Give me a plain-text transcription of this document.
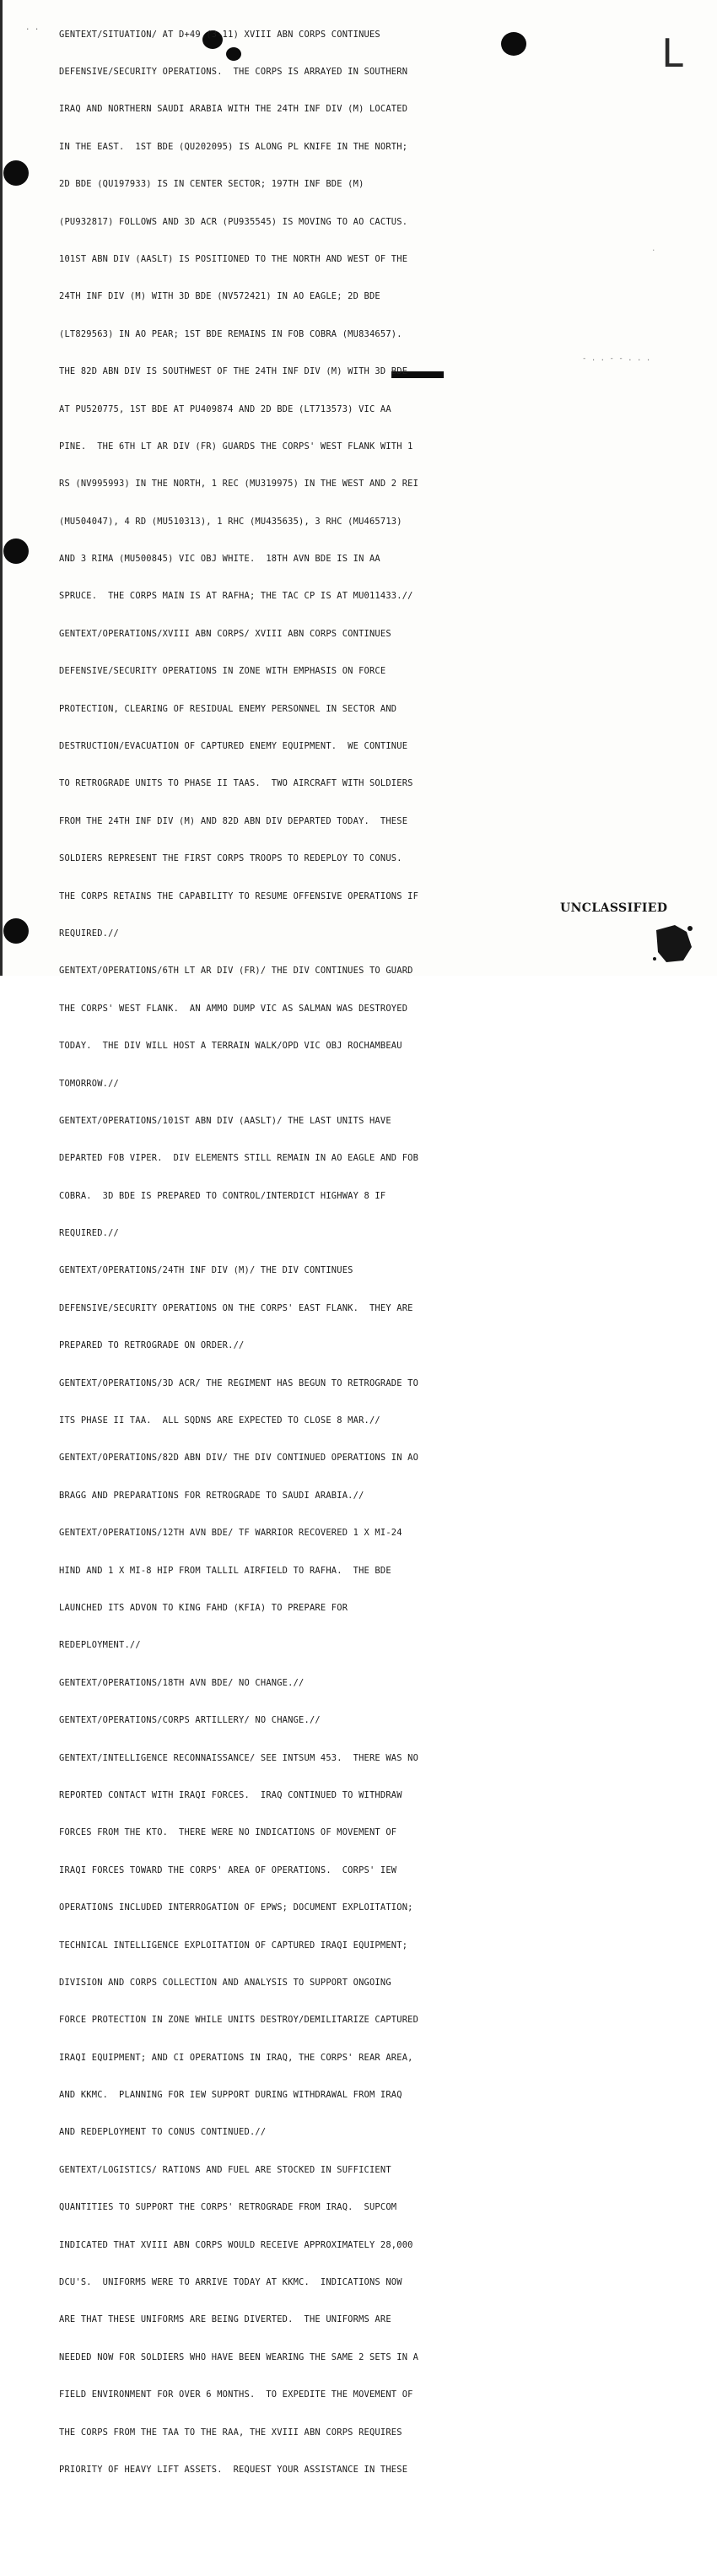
L
- . . - - . . .
.
. .

GENTEXT/SITUATION/ AT D+49 (3-11) XVIII ABN CORPS CONTINUES

DEFENSIVE/SECURITY OPERATIONS.  THE CORPS IS ARRAYED IN SOUTHERN

IRAQ AND NORTHERN SAUDI ARABIA WITH THE 24TH INF DIV (M) LOCATED

IN THE EAST.  1ST BDE (QU202095) IS ALONG PL KNIFE IN THE NORTH;

2D BDE (QU197933) IS IN CENTER SECTOR; 197TH INF BDE (M)

(PU932817) FOLLOWS AND 3D ACR (PU935545) IS MOVING TO AO CACTUS.

101ST ABN DIV (AASLT) IS POSITIONED TO THE NORTH AND WEST OF THE

24TH INF DIV (M) WITH 3D BDE (NV572421) IN AO EAGLE; 2D BDE

(LT829563) IN AO PEAR; 1ST BDE REMAINS IN FOB COBRA (MU834657).

THE 82D ABN DIV IS SOUTHWEST OF THE 24TH INF DIV (M) WITH 3D BDE

AT PU520775, 1ST BDE AT PU409874 AND 2D BDE (LT713573) VIC AA

PINE.  THE 6TH LT AR DIV (FR) GUARDS THE CORPS' WEST FLANK WITH 1

RS (NV995993) IN THE NORTH, 1 REC (MU319975) IN THE WEST AND 2 REI

(MU504047), 4 RD (MU510313), 1 RHC (MU435635), 3 RHC (MU465713)

AND 3 RIMA (MU500845) VIC OBJ WHITE.  18TH AVN BDE IS IN AA

SPRUCE.  THE CORPS MAIN IS AT RAFHA; THE TAC CP IS AT MU011433.//

GENTEXT/OPERATIONS/XVIII ABN CORPS/ XVIII ABN CORPS CONTINUES

DEFENSIVE/SECURITY OPERATIONS IN ZONE WITH EMPHASIS ON FORCE

PROTECTION, CLEARING OF RESIDUAL ENEMY PERSONNEL IN SECTOR AND

DESTRUCTION/EVACUATION OF CAPTURED ENEMY EQUIPMENT.  WE CONTINUE

TO RETROGRADE UNITS TO PHASE II TAAS.  TWO AIRCRAFT WITH SOLDIERS

FROM THE 24TH INF DIV (M) AND 82D ABN DIV DEPARTED TODAY.  THESE

SOLDIERS REPRESENT THE FIRST CORPS TROOPS TO REDEPLOY TO CONUS.

THE CORPS RETAINS THE CAPABILITY TO RESUME OFFENSIVE OPERATIONS IF

REQUIRED.//

GENTEXT/OPERATIONS/6TH LT AR DIV (FR)/ THE DIV CONTINUES TO GUARD

THE CORPS' WEST FLANK.  AN AMMO DUMP VIC AS SALMAN WAS DESTROYED

TODAY.  THE DIV WILL HOST A TERRAIN WALK/OPD VIC OBJ ROCHAMBEAU

TOMORROW.//

GENTEXT/OPERATIONS/101ST ABN DIV (AASLT)/ THE LAST UNITS HAVE

DEPARTED FOB VIPER.  DIV ELEMENTS STILL REMAIN IN AO EAGLE AND FOB

COBRA.  3D BDE IS PREPARED TO CONTROL/INTERDICT HIGHWAY 8 IF

REQUIRED.//

GENTEXT/OPERATIONS/24TH INF DIV (M)/ THE DIV CONTINUES

DEFENSIVE/SECURITY OPERATIONS ON THE CORPS' EAST FLANK.  THEY ARE

PREPARED TO RETROGRADE ON ORDER.//

GENTEXT/OPERATIONS/3D ACR/ THE REGIMENT HAS BEGUN TO RETROGRADE TO

ITS PHASE II TAA.  ALL SQDNS ARE EXPECTED TO CLOSE 8 MAR.//

GENTEXT/OPERATIONS/82D ABN DIV/ THE DIV CONTINUED OPERATIONS IN AO

BRAGG AND PREPARATIONS FOR RETROGRADE TO SAUDI ARABIA.//

GENTEXT/OPERATIONS/12TH AVN BDE/ TF WARRIOR RECOVERED 1 X MI-24

HIND AND 1 X MI-8 HIP FROM TALLIL AIRFIELD TO RAFHA.  THE BDE

LAUNCHED ITS ADVON TO KING FAHD (KFIA) TO PREPARE FOR

REDEPLOYMENT.//

GENTEXT/OPERATIONS/18TH AVN BDE/ NO CHANGE.//

GENTEXT/OPERATIONS/CORPS ARTILLERY/ NO CHANGE.//

GENTEXT/INTELLIGENCE RECONNAISSANCE/ SEE INTSUM 453.  THERE WAS NO

REPORTED CONTACT WITH IRAQI FORCES.  IRAQ CONTINUED TO WITHDRAW

FORCES FROM THE KTO.  THERE WERE NO INDICATIONS OF MOVEMENT OF

IRAQI FORCES TOWARD THE CORPS' AREA OF OPERATIONS.  CORPS' IEW

OPERATIONS INCLUDED INTERROGATION OF EPWS; DOCUMENT EXPLOITATION;

TECHNICAL INTELLIGENCE EXPLOITATION OF CAPTURED IRAQI EQUIPMENT;

DIVISION AND CORPS COLLECTION AND ANALYSIS TO SUPPORT ONGOING

FORCE PROTECTION IN ZONE WHILE UNITS DESTROY/DEMILITARIZE CAPTURED

IRAQI EQUIPMENT; AND CI OPERATIONS IN IRAQ, THE CORPS' REAR AREA,

AND KKMC.  PLANNING FOR IEW SUPPORT DURING WITHDRAWAL FROM IRAQ

AND REDEPLOYMENT TO CONUS CONTINUED.//

GENTEXT/LOGISTICS/ RATIONS AND FUEL ARE STOCKED IN SUFFICIENT

QUANTITIES TO SUPPORT THE CORPS' RETROGRADE FROM IRAQ.  SUPCOM

INDICATED THAT XVIII ABN CORPS WOULD RECEIVE APPROXIMATELY 28,000

DCU'S.  UNIFORMS WERE TO ARRIVE TODAY AT KKMC.  INDICATIONS NOW

ARE THAT THESE UNIFORMS ARE BEING DIVERTED.  THE UNIFORMS ARE

NEEDED NOW FOR SOLDIERS WHO HAVE BEEN WEARING THE SAME 2 SETS IN A

FIELD ENVIRONMENT FOR OVER 6 MONTHS.  TO EXPEDITE THE MOVEMENT OF

THE CORPS FROM THE TAA TO THE RAA, THE XVIII ABN CORPS REQUIRES

PRIORITY OF HEAVY LIFT ASSETS.  REQUEST YOUR ASSISTANCE IN THESE

UNCLASSIFIED
